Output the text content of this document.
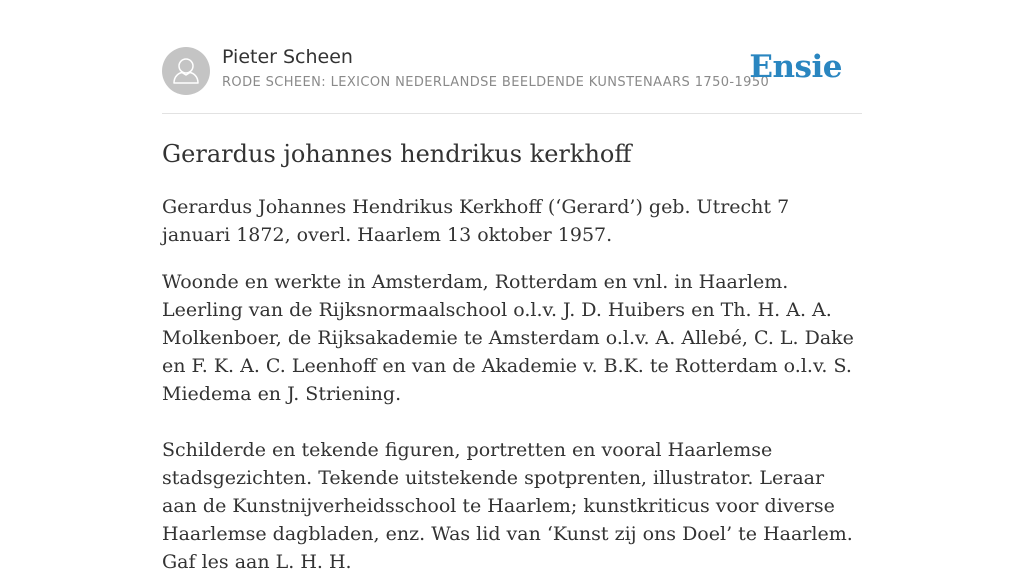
Pieter Scheen
RODE SCHEEN: LEXICON NEDERLANDSE BEELDENDE KUNSTENAARS 1750-1950
Ensie
Gerardus johannes hendrikus kerkhoff

Gerardus Johannes Hendrikus Kerkhoff (‘Gerard’) geb. Utrecht 7 januari 1872, overl. Haarlem 13 oktober 1957.

Woonde en werkte in Amsterdam, Rotterdam en vnl. in Haarlem. Leerling van de Rijksnormaalschool o.l.v. J. D. Huibers en Th. H. A. A. Molkenboer, de Rijksakademie te Amsterdam o.l.v. A. Allebé, C. L. Dake en F. K. A. C. Leenhoff en van de Akademie v. B.K. te Rotterdam o.l.v. S. Miedema en J. Striening.

Schilderde en tekende figuren, portretten en vooral Haarlemse stadsgezichten. Tekende uitstekende spotprenten, illustrator. Leraar aan de Kunstnijverheidsschool te Haarlem; kunstkriticus voor diverse Haarlemse dagbladen, enz. Was lid van ‘Kunst zij ons Doel’ te Haarlem. Gaf les aan L. H. H.
